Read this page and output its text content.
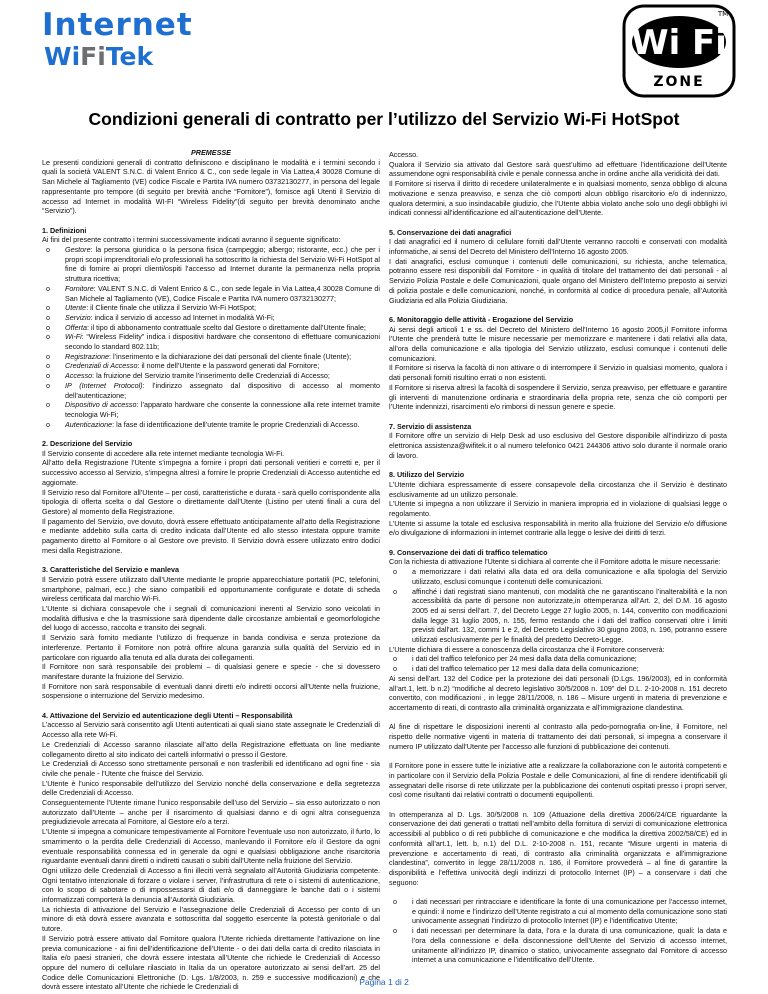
Internet
WiFiTek	Wi Fi
TM
ZONE
Condizioni generali di contratto per l’utilizzo del Servizio Wi-Fi HotSpot

PREMESSE

Le presenti condizioni generali di contratto definiscono e disciplinano le modalità e i termini secondo i quali la società VALENT S.N.C. di Valent Enrico & C., con sede legale in Via Lattea,4 30028 Comune di San Michele al Tagliamento (VE) codice Fiscale e Partita IVA numero 03732130277, in persona del legale rappresentante pro tempore (di seguito per brevità anche “Fornitore”), fornisce agli Utenti il Servizio di accesso ad Internet in modalità WI-FI “Wireless Fidelity”(di seguito per brevità denominato anche “Servizio”).

1. Definizioni

Ai fini del presente contratto i termini successivamente indicati avranno il seguente significato:

o Gestore: la persona giuridica o la persona fisica (campeggio; albergo; ristorante, ecc.) che per i propri scopi imprenditoriali e/o professionali ha sottoscritto la richiesta del Servizio Wi-Fi HotSpot al fine di fornire ai propri clienti/ospiti l’accesso ad Internet durante la permanenza nella propria struttura ricettiva;
o Fornitore: VALENT S.N.C. di Valent Enrico & C., con sede legale in Via Lattea,4 30028 Comune di San Michele al Tagliamento (VE), Codice Fiscale e Partita IVA numero 03732130277;
o Utente: il Cliente finale che utilizza il Servizio Wi-Fi HotSpot;
o Servizio: indica il servizio di accesso ad Internet in modalità Wi-Fi;
o Offerta: il tipo di abbonamento contrattuale scelto dal Gestore o direttamente dall’Utente finale;
o Wi-Fi: “Wireless Fidelity” indica i dispositivi hardware che consentono di effettuare comunicazioni secondo lo standard 802.11b;
o Registrazione: l’inserimento e la dichiarazione dei dati personali del cliente finale (Utente);
o Credenziali di Accesso: il nome dell’Utente e la password generati dal Fornitore;
o Accesso: la fruizione del Servizio tramite l’inserimento delle Credenziali di Accesso;
o IP (Internet Protocol): l’indirizzo assegnato dal dispositivo di accesso al momento dell’autenticazione;
o Dispositivo di accesso: l’apparato hardware che consente la connessione alla rete internet tramite tecnologia Wi-Fi;
o Autenticazione: la fase di identificazione dell’utente tramite le proprie Credenziali di Accesso.

2. Descrizione del Servizio

Il Servizio consente di accedere alla rete internet mediante tecnologia Wi-Fi.
All’atto della Registrazione l’Utente s’impegna a fornire i propri dati personali veritieri e corretti e, per il successivo accesso al Servizio, s’impegna altresì a fornire le proprie Credenziali di Accesso autentiche ed aggiornate.
Il Servizio reso dal Fornitore all’Utente – per costi, caratteristiche e durata - sarà quello corrispondente alla tipologia di offerta scelta o dal Gestore o direttamente dall’Utente (Listino per utenti finali a cura del Gestore) al momento della Registrazione.
Il pagamento del Servizio, ove dovuto, dovrà essere effettuato anticipatamente all’atto della Registrazione e mediante addebito sulla carta di credito indicata dall’Utente ed allo stesso intestata oppure tramite pagamento diretto al Fornitore o al Gestore ove previsto. Il Servizio dovrà essere utilizzato entro dodici mesi dalla Registrazione.

3. Caratteristiche del Servizio e manleva

Il Servizio potrà essere utilizzato dall’Utente mediante le proprie apparecchiature portatili (PC, telefonini, smartphone, palmari, ecc.) che siano compatibili ed opportunamente configurate e dotate di scheda wireless certificata dal marchio Wi-Fi.
L’Utente si dichiara consapevole che i segnali di comunicazioni inerenti al Servizio sono veicolati in modalità diffusiva e che la trasmissione sarà dipendente dalle circostanze ambientali e geomorfologiche del luogo di accesso, raccolta e transito dei segnali.
Il Servizio sarà fornito mediante l’utilizzo di frequenze in banda condivisa e senza protezione da interferenze. Pertanto il Fornitore non potrà offrire alcuna garanzia sulla qualità del Servizio ed in particolare con riguardo alla tenuta ed alla durata dei collegamenti.
Il Fornitore non sarà responsabile dei problemi – di qualsiasi genere e specie - che si dovessero manifestare durante la fruizione del Servizio.
Il Fornitore non sarà responsabile di eventuali danni diretti e/o indiretti occorsi all’Utente nella fruizione, sospensione o interruzione del Servizio medesimo.

4. Attivazione del Servizio ed autenticazione degli Utenti – Responsabilità

L’accesso al Servizio sarà consentito agli Utenti autenticati ai quali siano state assegnate le Credenziali di Accesso alla rete Wi-Fi.
Le Credenziali di Accesso saranno rilasciate all’atto della Registrazione effettuata on line mediante collegamento diretto al sito indicato dei cartelli informativi o presso il Gestore.
Le Credenziali di Accesso sono strettamente personali e non trasferibili ed identificano ad ogni fine - sia civile che penale - l’Utente che fruisce del Servizio.
L’Utente è l’unico responsabile dell’utilizzo del Servizio nonché della conservazione e della segretezza delle Credenziali di Accesso.
Conseguentemente l’Utente rimane l’unico responsabile dell’uso del Servizio – sia esso autorizzato o non autorizzato dall’Utente – anche per il risarcimento di qualsiasi danno e di ogni altra conseguenza pregiudizievole arrecata al Fornitore, al Gestore e/o a terzi.
L’Utente si impegna a comunicare tempestivamente al Fornitore l’eventuale uso non autorizzato, il furto, lo smarrimento o la perdita delle Credenziali di Accesso, manlevando il Fornitore e/o il Gestore da ogni eventuale responsabilità connessa ed in generale da ogni e qualsiasi obbligazione anche risarcitoria riguardante eventuali danni diretti o indiretti causati o subiti dall’Utente nella fruizione del Servizio.
Ogni utilizzo delle Credenziali di Accesso a fini illeciti verrà segnalato all’Autorità Giudiziaria competente. Ogni tentativo intenzionale di forzare o violare i server, l’infrastruttura di rete o i sistemi di autenticazione, con lo scopo di sabotare o di impossessarsi di dati e/o di danneggiare le banche dati o i sistemi informatizzati comporterà la denuncia all’Autorità Giudiziaria.
La richiesta di attivazione del Servizio e l’assegnazione delle Credenziali di Accesso per conto di un minore di età dovrà essere avanzata e sottoscritta dal soggetto esercente la potestà genitoriale o dal tutore.
Il Servizio potrà essere attivato dal Fornitore qualora l’Utente richieda direttamente l’attivazione on line previa comunicazione - ai fini dell’identificazione dell’Utente - o dei dati della carta di credito rilasciata in Italia e/o paesi stranieri, che dovrà essere intestata all’Utente che richiede le Credenziali di Accesso oppure del numero di cellulare rilasciato in Italia da un operatore autorizzato ai sensi dell’art. 25 del Codice delle Comunicazioni Elettroniche (D. Lgs. 1/8/2003, n. 259 e successive modificazioni) e che dovrà essere intestato all’Utente che richiede le Credenziali di

Accesso.
Qualora il Servizio sia attivato dal Gestore sarà quest’ultimo ad effettuare l’identificazione dell’Utente assumendone ogni responsabilità civile e penale connessa anche in ordine anche alla veridicità dei dati.
Il Fornitore si riserva il diritto di recedere unilateralmente e in qualsiasi momento, senza obbligo di alcuna motivazione e senza preavviso, e senza che ciò comporti alcun obbligo risarcitorio e/o di indennizzo, qualora determini, a suo insindacabile giudizio, che l’Utente abbia violato anche solo uno degli obblighi ivi indicati connessi all’identificazione ed all’autenticazione dell’Utente.

5. Conservazione dei dati anagrafici

I dati anagrafici ed il numero di cellulare forniti dall’Utente verranno raccolti e conservati con modalità informatiche, ai sensi del Decreto del Ministero dell’Interno 16 agosto 2005.
I dati anagrafici, esclusi comunque i contenuti delle comunicazioni, su richiesta, anche telematica, potranno essere resi disponibili dal Fornitore - in qualità di titolare del trattamento dei dati personali - al Servizio Polizia Postale e delle Comunicazioni, quale organo del Ministero dell’Interno preposto ai servizi di polizia postale e delle comunicazioni, nonché, in conformità al codice di procedura penale, all’Autorità Giudiziaria ed alla Polizia Giudiziaria.

6. Monitoraggio delle attività - Erogazione del Servizio

Ai sensi degli articoli 1 e ss. del Decreto del Ministero dell’Interno 16 agosto 2005,il Fornitore informa l’Utente che prenderà tutte le misure necessarie per memorizzare e mantenere i dati relativi alla data, all’ora della comunicazione e alla tipologia del Servizio utilizzato, esclusi comunque i contenuti delle comunicazioni.
Il Fornitore si riserva la facoltà di non attivare o di interrompere il Servizio in qualsiasi momento, qualora i dati personali forniti risultino errati o non esistenti.
Il Fornitore si riserva altresì la facoltà di sospendere il Servizio, senza preavviso, per effettuare e garantire gli interventi di manutenzione ordinaria e straordinaria della propria rete, senza che ciò comporti per l’Utente indennizzi, risarcimenti e/o rimborsi di nessun genere e specie.

7. Servizio di assistenza

Il Fornitore offre un servizio di Help Desk ad uso esclusivo del Gestore disponibile all’indirizzo di posta elettronica assistenza@wifitek.it o al numero telefonico 0421 244306 attivo solo durante il normale orario di lavoro.

8. Utilizzo del Servizio

L’Utente dichiara espressamente di essere consapevole della circostanza che il Servizio è destinato esclusivamente ad un utilizzo personale.
L’Utente si impegna a non utilizzare il Servizio in maniera impropria ed in violazione di qualsiasi legge o regolamento.
L’Utente si assume la totale ed esclusiva responsabilità in merito alla fruizione del Servizio e/o diffusione e/o divulgazione di informazioni in internet contrarie alla legge o lesive dei diritti di terzi.

9. Conservazione dei dati di traffico telematico

Con la richiesta di attivazione l’Utente si dichiara al corrente che il Fornitore adotta le misure necessarie:

o a memorizzare i dati relativi alla data ed ora della comunicazione e alla tipologia del Servizio utilizzato, esclusi comunque i contenuti delle comunicazioni.
o affinché i dati registrati siano mantenuti, con modalità che ne garantiscano l’inalterabilità e la non accessibilità da parte di persone non autorizzate,in ottemperanza all’Art. 2, del D.M. 16 agosto 2005 ed ai sensi dell’art. 7, del Decreto Legge 27 luglio 2005, n. 144, convertito con modificazioni dalla legge 31 luglio 2005, n. 155, fermo restando che i dati del traffico conservati oltre i limiti previsti dall’art. 132, commi 1 e 2, del Decreto Legislativo 30 giugno 2003, n. 196, potranno essere utilizzati esclusivamente per le finalità del predetto Decreto-Legge.

L’Utente dichiara di essere a conoscenza della circostanza che il Fornitore conserverà:

o i dati del traffico telefonico per 24 mesi dalla data della comunicazione;
o i dati del traffico telematico per 12 mesi dalla data della comunicazione;

Ai sensi dell’art. 132 del Codice per la protezione dei dati personali (D.Lgs. 196/2003), ed in conformità all’art.1, lett. b n.2) “modifiche al decreto legislativo 30/5/2008 n. 109” del D.L. 2-10-2008 n. 151 decreto convertito, con modificazioni , in legge 28/11/2008, n. 186 – Misure urgenti in materia di prevenzione e accertamento di reati, di contrasto alla criminalità organizzata e all’immigrazione clandestina.

Al fine di rispettare le disposizioni inerenti al contrasto alla pedo-pornografia on-line, il Fornitore, nel rispetto delle normative vigenti in materia di trattamento dei dati personali, si impegna a conservare il numero IP utilizzato dall’Utente per l’accesso alle funzioni di pubblicazione dei contenuti.

Il Fornitore pone in essere tutte le iniziative atte a realizzare la collaborazione con le autorità competenti e in particolare con il Servizio della Polizia Postale e delle Comunicazioni, al fine di rendere identificabili gli assegnatari delle risorse di rete utilizzate per la pubblicazione dei contenuti ospitati presso i propri server, così come risultanti dai relativi contratti o documenti equipollenti.

In ottemperanza al D. Lgs. 30/5/2008 n. 109 (Attuazione della direttiva 2006/24/CE riguardante la conservazione dei dati generati o trattati nell’ambito della fornitura di servizi di comunicazione elettronica accessibili al pubblico o di reti pubbliche di comunicazione e che modifica la direttiva 2002/58/CE) ed in conformità all’art.1, lett. b, n.1) del D.L. 2-10-2008 n. 151, recante “Misure urgenti in materia di prevenzione e accertamento di reati, di contrasto alla criminalità organizzata e all’immigrazione clandestina”, convertito in legge 28/11/2008 n. 186, il Fornitore provvederà – al fine di garantire la disponibilità e l’effettiva univocità degli indirizzi di protocollo Internet (IP) – a conservare i dati che seguono:

o i dati necessari per rintracciare e identificare la fonte di una comunicazione per l’accesso internet, e quindi: il nome e l’indirizzo dell’Utente registrato a cui al momento della comunicazione sono stati univocamente assegnati l’indirizzo di protocollo Internet (IP) e l’identificativo Utente;
o i dati necessari per determinare la data, l’ora e la durata di una comunicazione, quali: la data e l’ora della connessione e della disconnessione dell’Utente del Servizio di accesso internet, unitamente all’indirizzo IP, dinamico o statico, univocamente assegnato dal Fornitore di accesso internet a una comunicazione e l’identificativo dell’Utente.
Pagina 1 di 2
